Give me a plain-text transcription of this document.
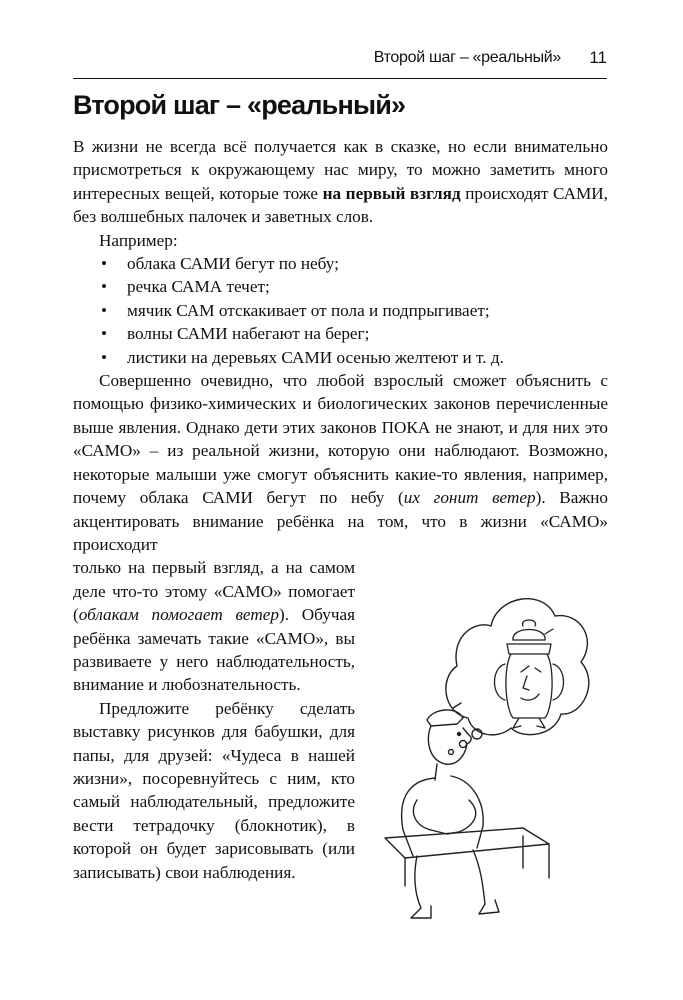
Второй шаг – «реальный» 11
Второй шаг – «реальный»

В жизни не всегда всё получается как в сказке, но если внимательно присмотреться к окружающему нас миру, то можно заметить много интересных вещей, которые тоже на первый взгляд происходят САМИ, без волшебных палочек и заветных слов.

Например:

• облака САМИ бегут по небу;
• речка САМА течет;
• мячик САМ отскакивает от пола и подпрыгивает;
• волны САМИ набегают на берег;
• листики на деревьях САМИ осенью желтеют и т. д.

Совершенно очевидно, что любой взрослый сможет объяснить с помощью физико-химических и биологических законов перечисленные выше явления. Однако дети этих законов ПОКА не знают, и для них это «САМО» – из реальной жизни, которую они наблюдают. Возможно, некоторые малыши уже смогут объяснить какие-то явления, например, почему облака САМИ бегут по небу (их гонит ветер). Важно акцентировать внимание ребёнка на том, что в жизни «САМО» происходит

только на первый взгляд, а на самом деле что-то этому «САМО» помогает (облакам помогает ветер). Обучая ребёнка замечать такие «САМО», вы развиваете у него наблюдательность, внимание и любознательность.

Предложите ребёнку сделать выставку рисунков для бабушки, для папы, для друзей: «Чудеса в нашей жизни», посоревнуйтесь с ним, кто самый наблюдательный, предложите вести тетрадочку (блокнотик), в которой он будет зарисовывать (или записывать) свои наблюдения.
